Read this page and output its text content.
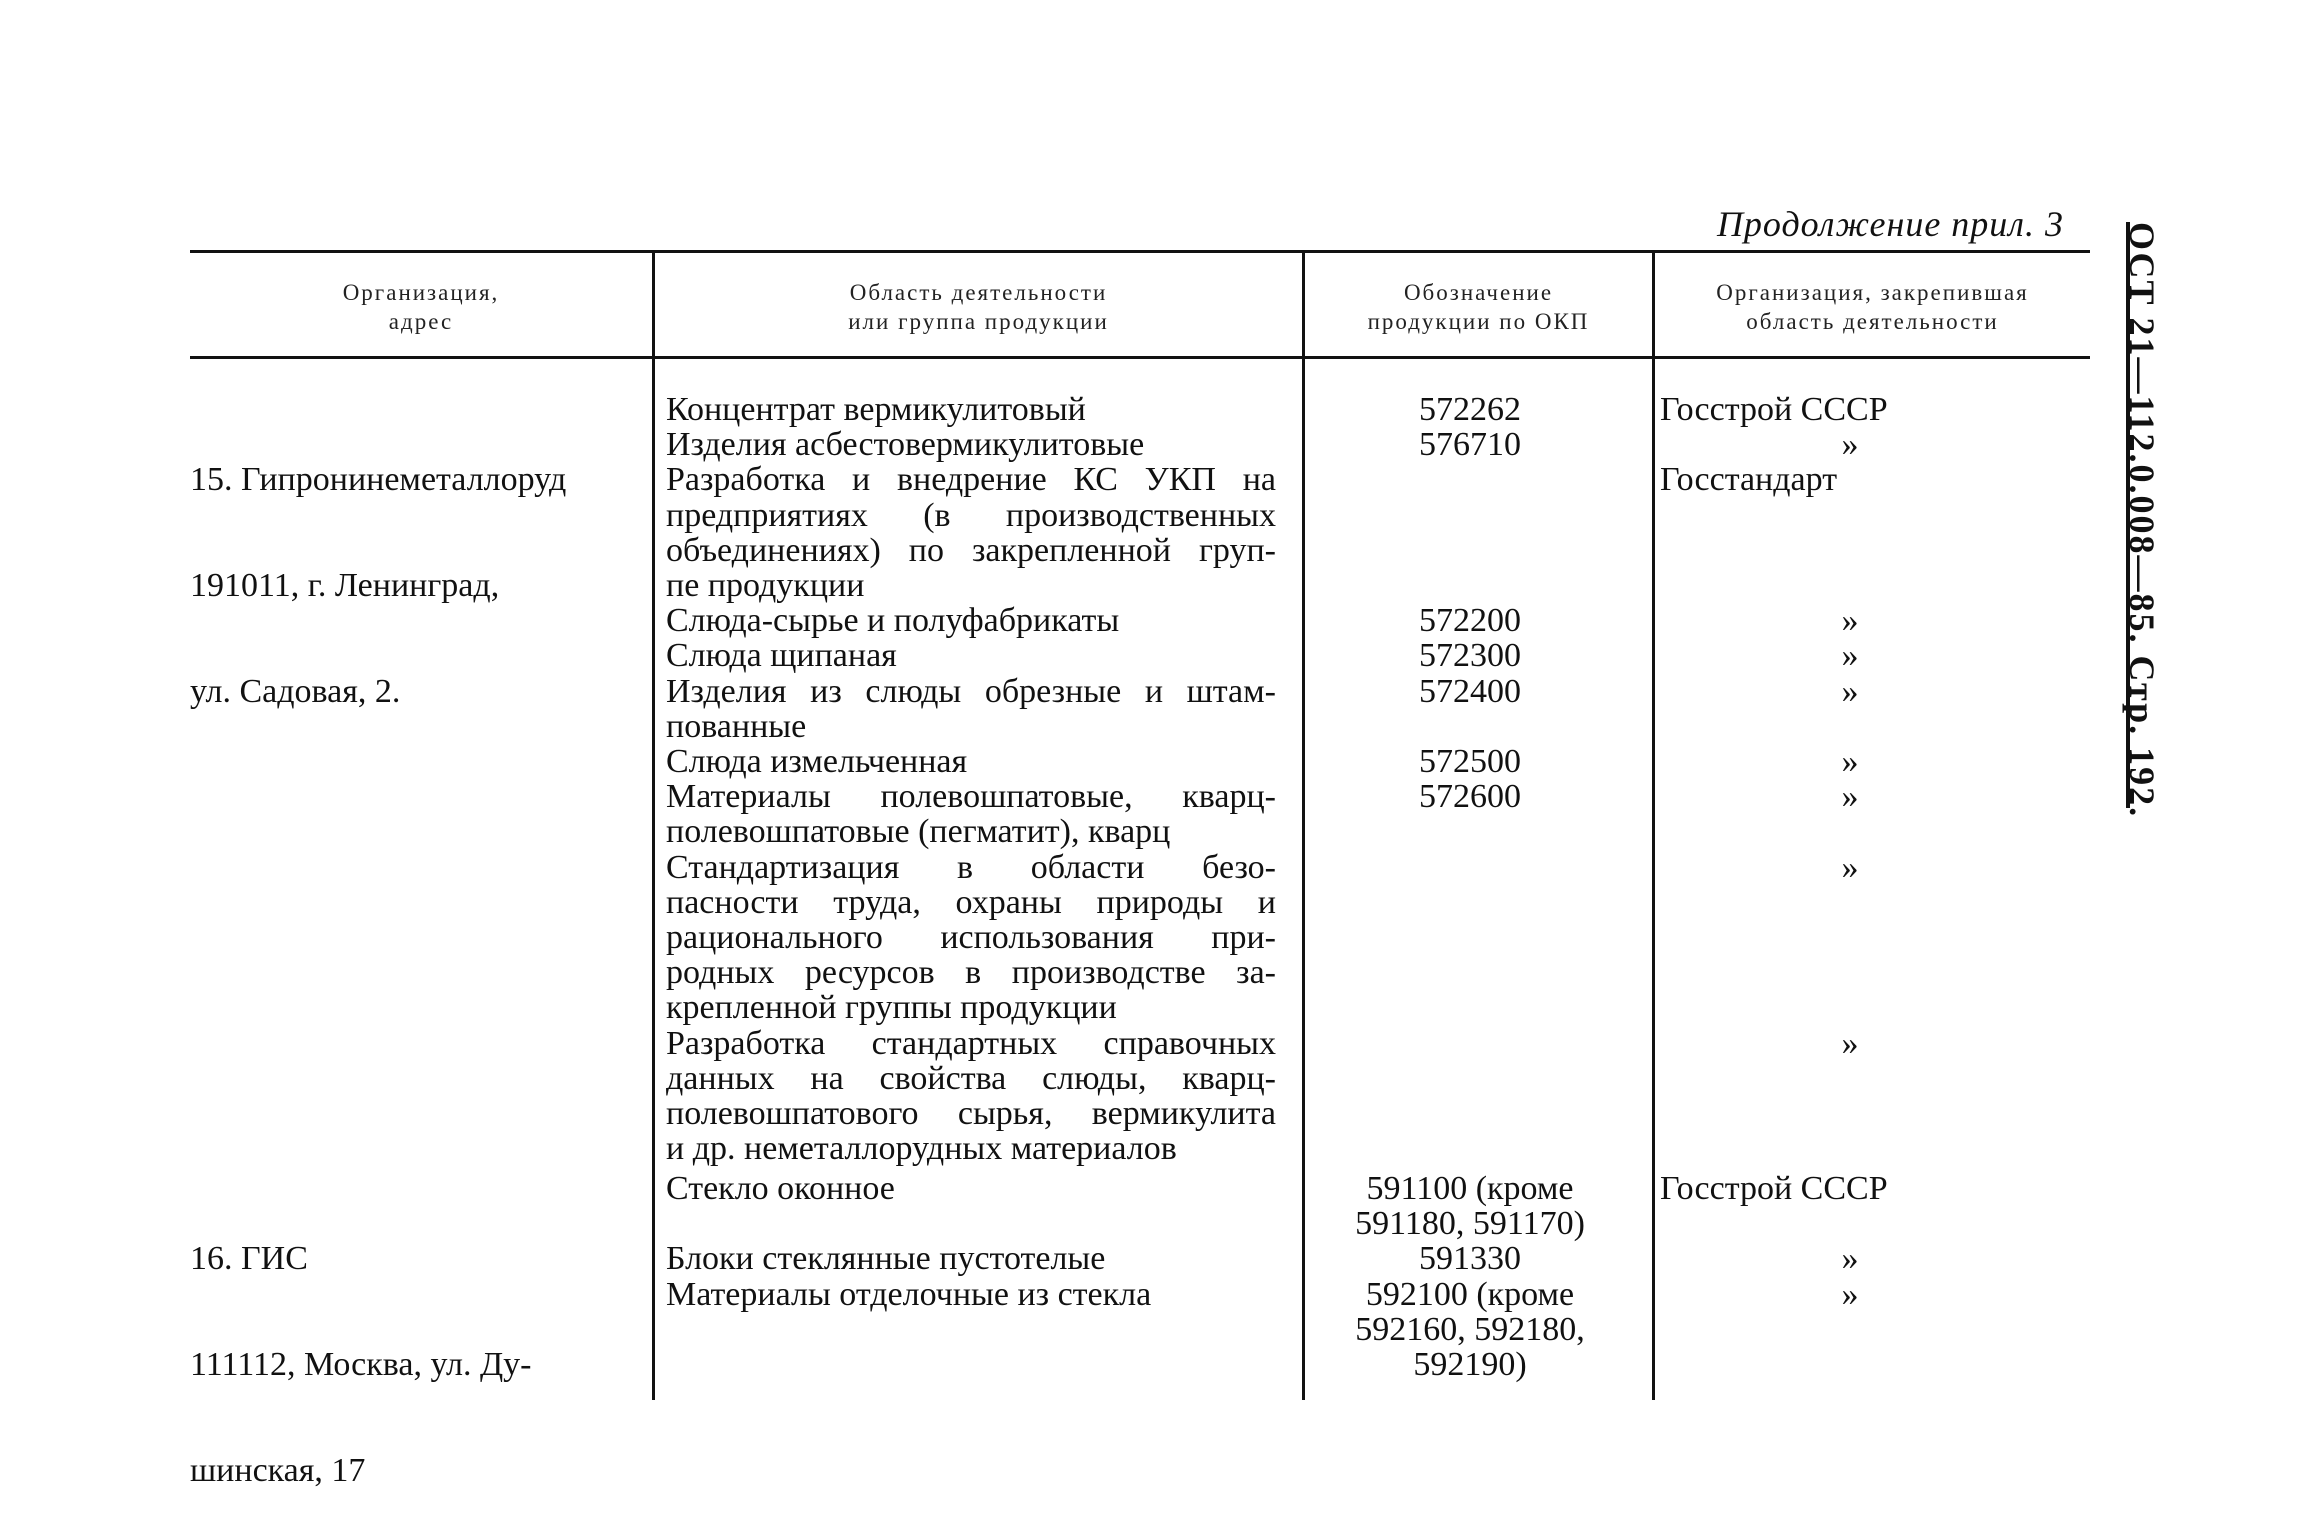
Продолжение прил. 3 ОСТ 21—112.0.008—85. Стр. 192.
Организация,
адрес
Область деятельности
или группа продукции
Обозначение
продукции по ОКП
Организация, закрепившая
область деятельности

15. Гипронинеметаллоруд

191011, г. Ленинград,

ул. Садовая, 2.

Концентрат вермикулитовый
Изделия асбестовермикулитовые
Разработка и внедрение КС УКП на
предприятиях (в производственных
объединениях) по закрепленной груп-
пе продукции
Слюда-сырье и полуфабрикаты
Слюда щипаная
Изделия из слюды обрезные и штам-
пованные
Слюда измельченная
Материалы полевошпатовые, кварц-
полевошпатовые (пегматит), кварц
Стандартизация в области безо-
пасности труда, охраны природы и
рационального использования при-
родных ресурсов в производстве за-
крепленной группы продукции
Разработка стандартных справочных
данных на свойства слюды, кварц-
полевошпатового сырья, вермикулита
и др. неметаллорудных материалов
572262
576710

572200
572300
572400

572500
572600

Госстрой СССР
»
Госстандарт

»
»
»

»
»

»

»

16. ГИС

111112, Москва, ул. Ду-

шинская, 17

Стекло оконное

Блоки стеклянные пустотелые
Материалы отделочные из стекла

591100 (кроме
591180, 591170)
591330
592100 (кроме
592160, 592180,
592190)
Госстрой СССР

»
»
